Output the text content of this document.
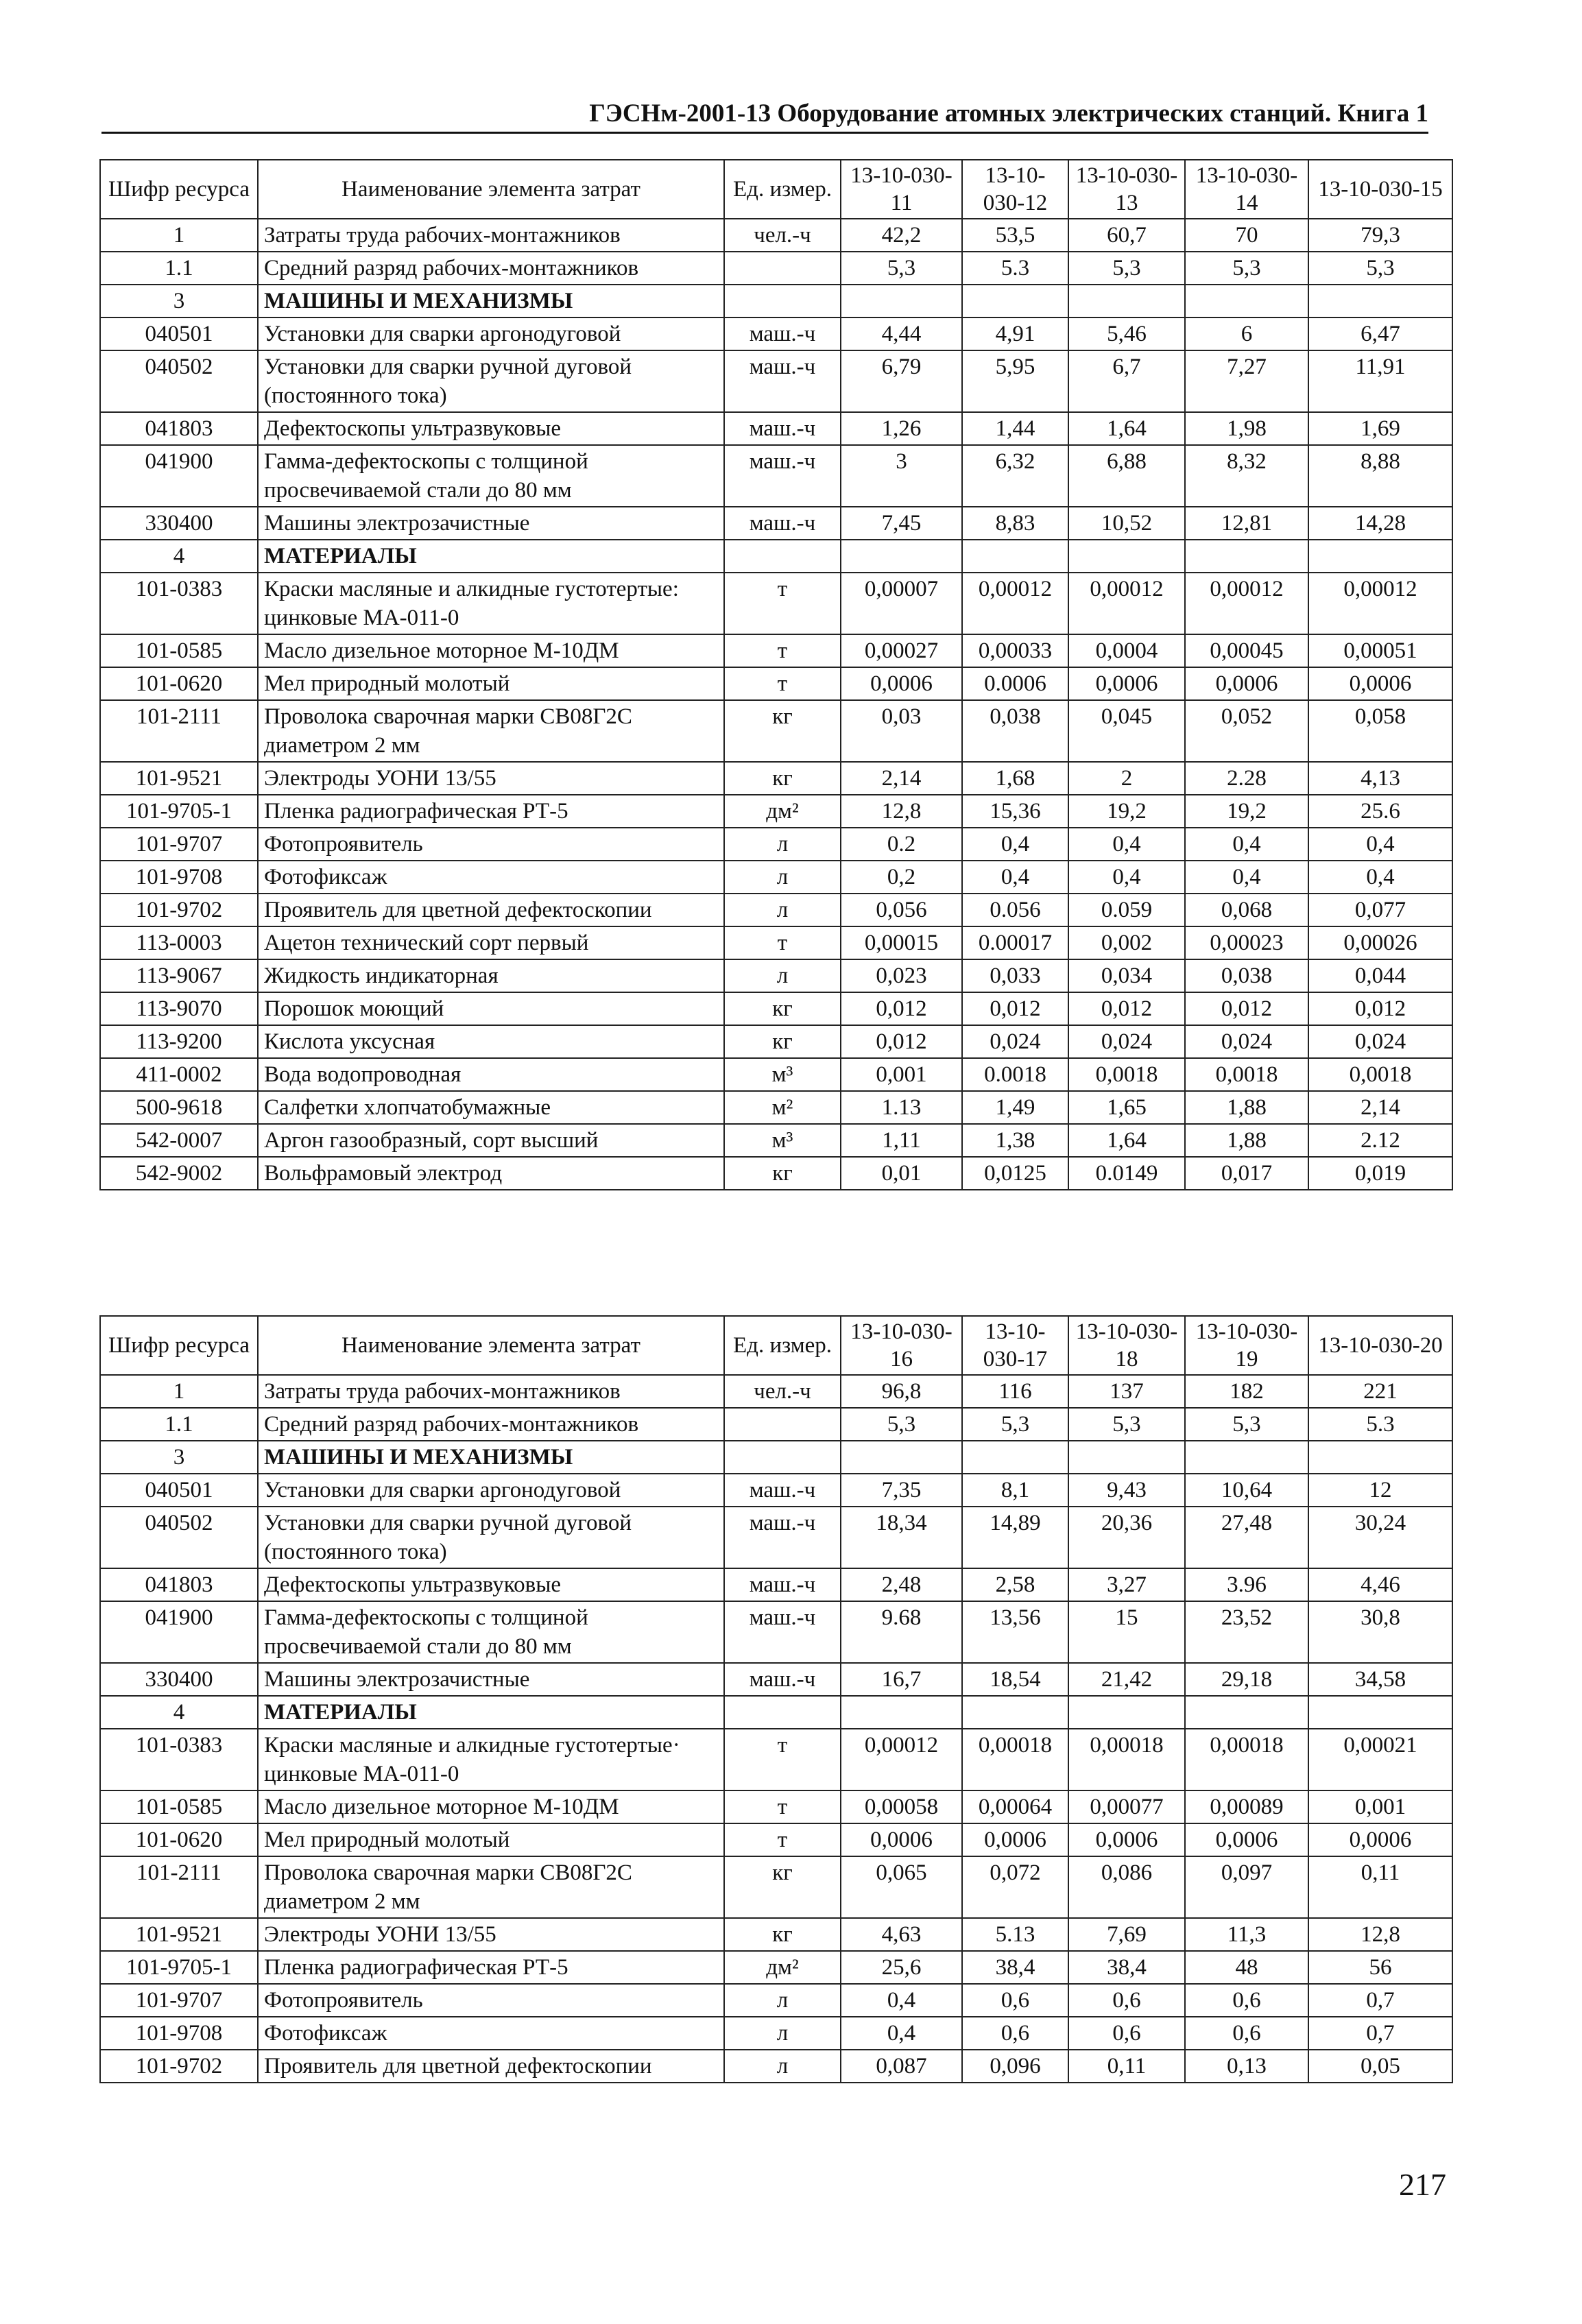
ГЭСНм-2001-13 Оборудование атомных электрических станций. Книга 1
Шифр ресурса	Наименование элемента затрат	Ед. измер.	13-10-030-11	13-10-030-12	13-10-030-13	13-10-030-14	13-10-030-15
1	Затраты труда рабочих-монтажников	чел.-ч	42,2	53,5	60,7	70	79,3
1.1	Средний разряд рабочих-монтажников		5,3	5.3	5,3	5,3	5,3
3	МАШИНЫ И МЕХАНИЗМЫ						
040501	Установки для сварки аргонодуговой	маш.-ч	4,44	4,91	5,46	6	6,47
040502	Установки для сварки ручной дуговой (постоянного тока)	маш.-ч	6,79	5,95	6,7	7,27	11,91
041803	Дефектоскопы ультразвуковые	маш.-ч	1,26	1,44	1,64	1,98	1,69
041900	Гамма-дефектоскопы с толщиной просвечиваемой стали до 80 мм	маш.-ч	3	6,32	6,88	8,32	8,88
330400	Машины электрозачистные	маш.-ч	7,45	8,83	10,52	12,81	14,28
4	МАТЕРИАЛЫ						
101-0383	Краски масляные и алкидные густотертые: цинковые МА-011-0	т	0,00007	0,00012	0,00012	0,00012	0,00012
101-0585	Масло дизельное моторное М-10ДМ	т	0,00027	0,00033	0,0004	0,00045	0,00051
101-0620	Мел природный молотый	т	0,0006	0.0006	0,0006	0,0006	0,0006
101-2111	Проволока сварочная марки СВ08Г2С диаметром 2 мм	кг	0,03	0,038	0,045	0,052	0,058
101-9521	Электроды УОНИ 13/55	кг	2,14	1,68	2	2.28	4,13
101-9705-1	Пленка радиографическая РТ-5	дм²	12,8	15,36	19,2	19,2	25.6
101-9707	Фотопроявитель	л	0.2	0,4	0,4	0,4	0,4
101-9708	Фотофиксаж	л	0,2	0,4	0,4	0,4	0,4
101-9702	Проявитель для цветной дефектоскопии	л	0,056	0.056	0.059	0,068	0,077
113-0003	Ацетон технический сорт первый	т	0,00015	0.00017	0,002	0,00023	0,00026
113-9067	Жидкость индикаторная	л	0,023	0,033	0,034	0,038	0,044
113-9070	Порошок моющий	кг	0,012	0,012	0,012	0,012	0,012
113-9200	Кислота уксусная	кг	0,012	0,024	0,024	0,024	0,024
411-0002	Вода водопроводная	м³	0,001	0.0018	0,0018	0,0018	0,0018
500-9618	Салфетки хлопчатобумажные	м²	1.13	1,49	1,65	1,88	2,14
542-0007	Аргон газообразный, сорт высший	м³	1,11	1,38	1,64	1,88	2.12
542-9002	Вольфрамовый электрод	кг	0,01	0,0125	0.0149	0,017	0,019
Шифр ресурса	Наименование элемента затрат	Ед. измер.	13-10-030-16	13-10-030-17	13-10-030-18	13-10-030-19	13-10-030-20
1	Затраты труда рабочих-монтажников	чел.-ч	96,8	116	137	182	221
1.1	Средний разряд рабочих-монтажников		5,3	5,3	5,3	5,3	5.3
3	МАШИНЫ И МЕХАНИЗМЫ						
040501	Установки для сварки аргонодуговой	маш.-ч	7,35	8,1	9,43	10,64	12
040502	Установки для сварки ручной дуговой (постоянного тока)	маш.-ч	18,34	14,89	20,36	27,48	30,24
041803	Дефектоскопы ультразвуковые	маш.-ч	2,48	2,58	3,27	3.96	4,46
041900	Гамма-дефектоскопы с толщиной просвечиваемой стали до 80 мм	маш.-ч	9.68	13,56	15	23,52	30,8
330400	Машины электрозачистные	маш.-ч	16,7	18,54	21,42	29,18	34,58
4	МАТЕРИАЛЫ						
101-0383	Краски масляные и алкидные густотертые· цинковые МА-011-0	т	0,00012	0,00018	0,00018	0,00018	0,00021
101-0585	Масло дизельное моторное М-10ДМ	т	0,00058	0,00064	0,00077	0,00089	0,001
101-0620	Мел природный молотый	т	0,0006	0,0006	0,0006	0,0006	0,0006
101-2111	Проволока сварочная марки СВ08Г2С диаметром 2 мм	кг	0,065	0,072	0,086	0,097	0,11
101-9521	Электроды УОНИ 13/55	кг	4,63	5.13	7,69	11,3	12,8
101-9705-1	Пленка радиографическая РТ-5	дм²	25,6	38,4	38,4	48	56
101-9707	Фотопроявитель	л	0,4	0,6	0,6	0,6	0,7
101-9708	Фотофиксаж	л	0,4	0,6	0,6	0,6	0,7
101-9702	Проявитель для цветной дефектоскопии	л	0,087	0,096	0,11	0,13	0,05
217
